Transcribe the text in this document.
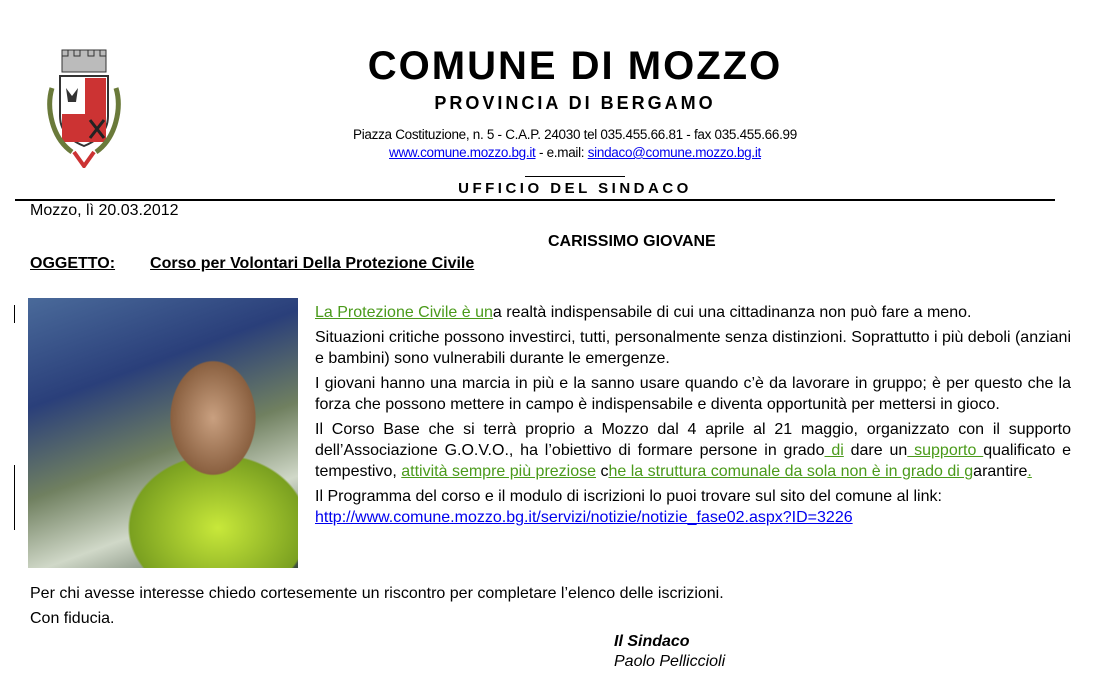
COMUNE DI MOZZO
PROVINCIA DI BERGAMO
Piazza Costituzione, n. 5 - C.A.P. 24030 tel 035.455.66.81 - fax 035.455.66.99
www.comune.mozzo.bg.it - e.mail: sindaco@comune.mozzo.bg.it
UFFICIO DEL SINDACO
Mozzo, lì 20.03.2012
CARISSIMO GIOVANE
OGGETTO: Corso per Volontari Della Protezione Civile

La Protezione Civile è una realtà indispensabile di cui una cittadinanza non può fare a meno.

Situazioni critiche possono investirci, tutti, personalmente senza distinzioni. Soprattutto i più deboli (anziani e bambini) sono vulnerabili durante le emergenze.

I giovani hanno una marcia in più e la sanno usare quando c’è da lavorare in gruppo; è per questo che la forza che possono mettere in campo è indispensabile e diventa opportunità per mettersi in gioco.

Il Corso Base che si terrà proprio a Mozzo dal 4 aprile al 21 maggio, organizzato con il supporto dell’Associazione G.O.V.O., ha l’obiettivo di formare persone in grado di dare un supporto qualificato e tempestivo, attività sempre più preziose che la struttura comunale da sola non è in grado di garantire.

Il Programma del corso e il modulo di iscrizioni lo puoi trovare sul sito del comune al link:
http://www.comune.mozzo.bg.it/servizi/notizie/notizie_fase02.aspx?ID=3226

Per chi avesse interesse chiedo cortesemente un riscontro per completare l’elenco delle iscrizioni.

Con fiducia.

Il Sindaco
Paolo Pelliccioli
